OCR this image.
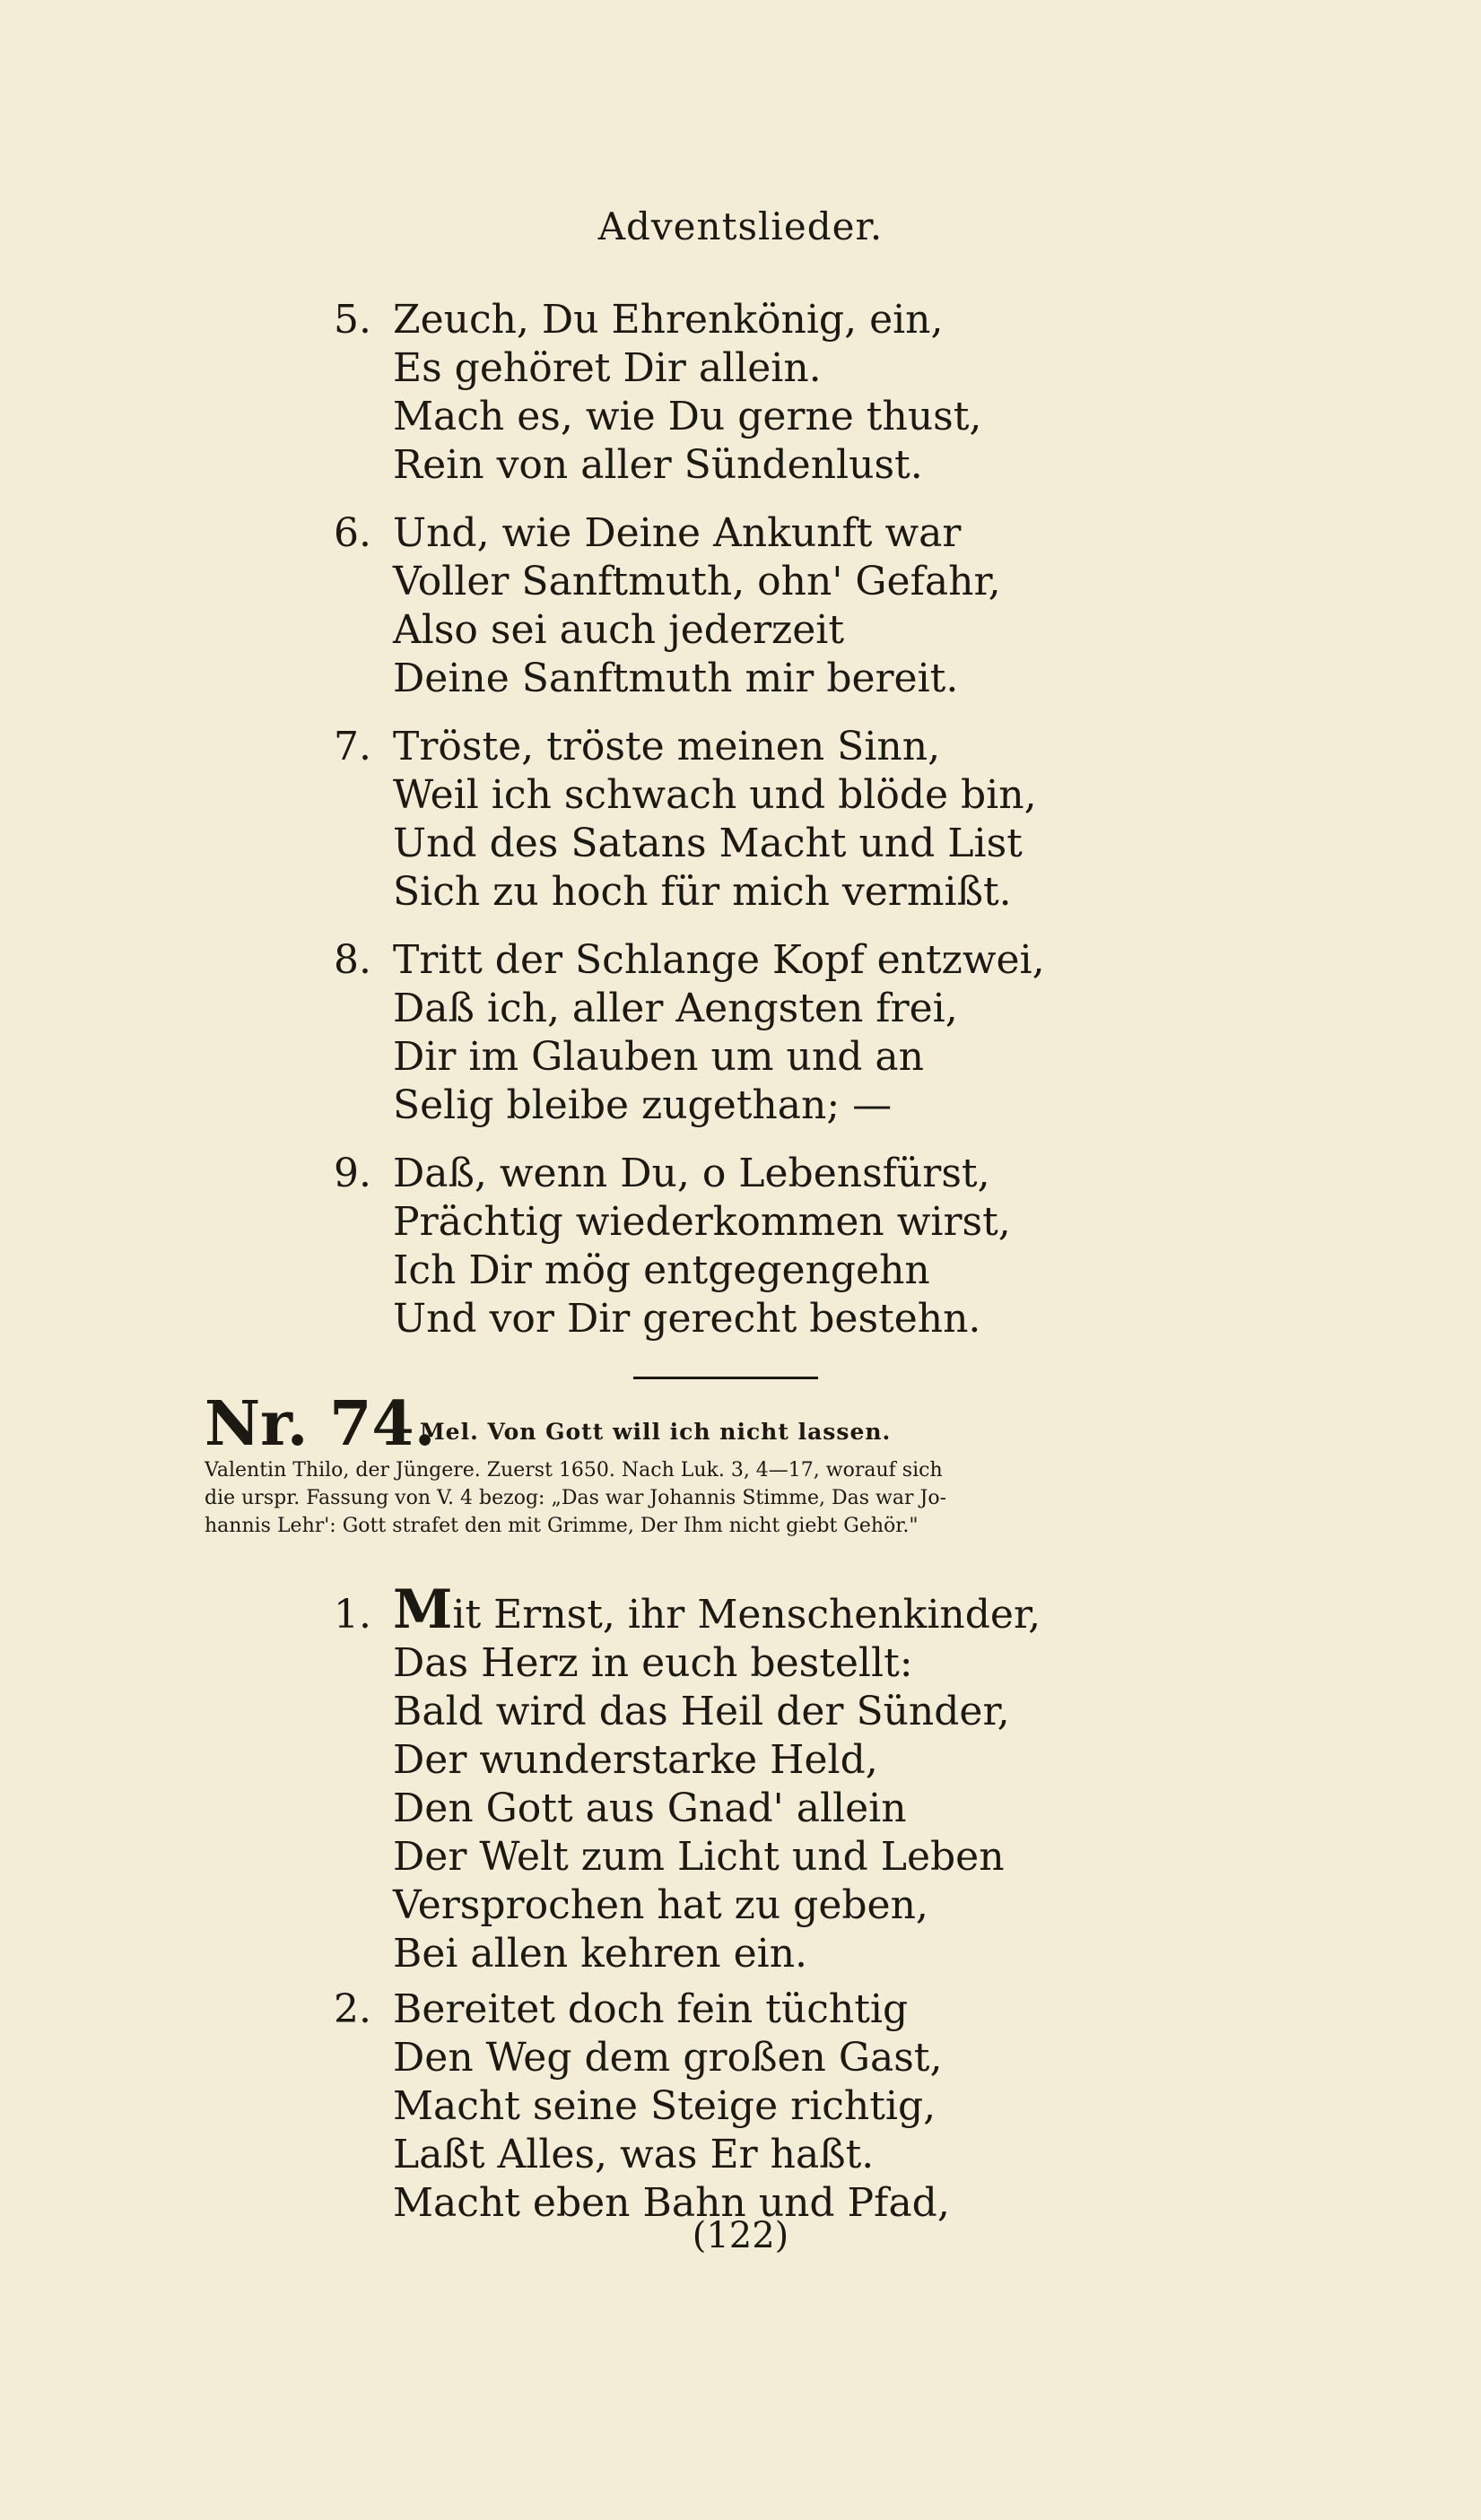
Adventslieder.
5. Zeuch, Du Ehrenkönig, ein,
Es gehöret Dir allein.
Mach es, wie Du gerne thust,
Rein von aller Sündenlust.
6. Und, wie Deine Ankunft war
Voller Sanftmuth, ohn' Gefahr,
Also sei auch jederzeit
Deine Sanftmuth mir bereit.
7. Tröste, tröste meinen Sinn,
Weil ich schwach und blöde bin,
Und des Satans Macht und List
Sich zu hoch für mich vermißt.
8. Tritt der Schlange Kopf entzwei,
Daß ich, aller Aengsten frei,
Dir im Glauben um und an
Selig bleibe zugethan; —
9. Daß, wenn Du, o Lebensfürst,
Prächtig wiederkommen wirst,
Ich Dir mög entgegengehn
Und vor Dir gerecht bestehn.
Nr. 74.
Mel. Von Gott will ich nicht lassen.
Valentin Thilo, der Jüngere. Zuerst 1650. Nach Luk. 3, 4—17, worauf sich
die urspr. Fassung von V. 4 bezog: „Das war Johannis Stimme, Das war Jo-
hannis Lehr': Gott strafet den mit Grimme, Der Ihm nicht giebt Gehör."
1. Mit Ernst, ihr Menschenkinder,
Das Herz in euch bestellt:
Bald wird das Heil der Sünder,
Der wunderstarke Held,
Den Gott aus Gnad' allein
Der Welt zum Licht und Leben
Versprochen hat zu geben,
Bei allen kehren ein.
2. Bereitet doch fein tüchtig
Den Weg dem großen Gast,
Macht seine Steige richtig,
Laßt Alles, was Er haßt.
Macht eben Bahn und Pfad,
(122)
